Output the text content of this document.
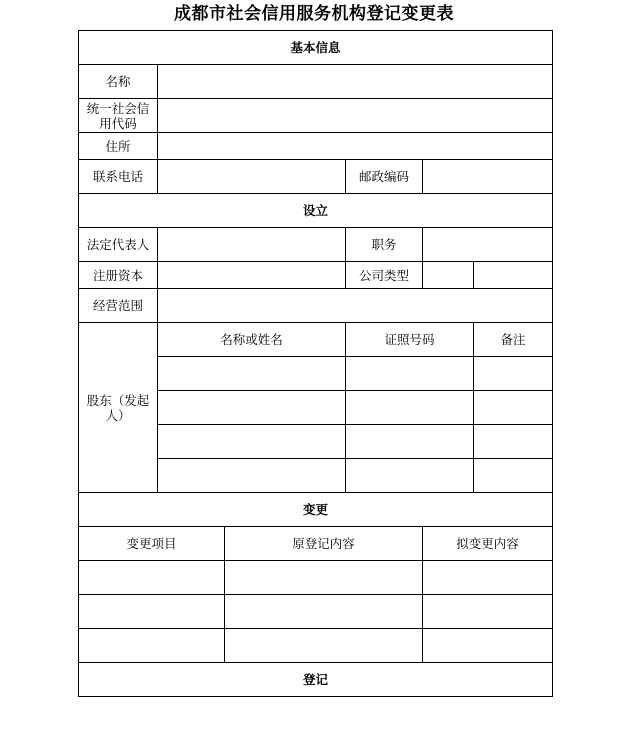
成都市社会信用服务机构登记变更表
基本信息					
名称					
统一社会信用代码					
住所					
联系电话			邮政编码		
设立					
法定代表人			职务		
注册资本			公司类型		
经营范围					
股东（发起人）	名称或姓名		证照号码		备注

变更					
变更项目		原登记内容		拟变更内容	

登记					
